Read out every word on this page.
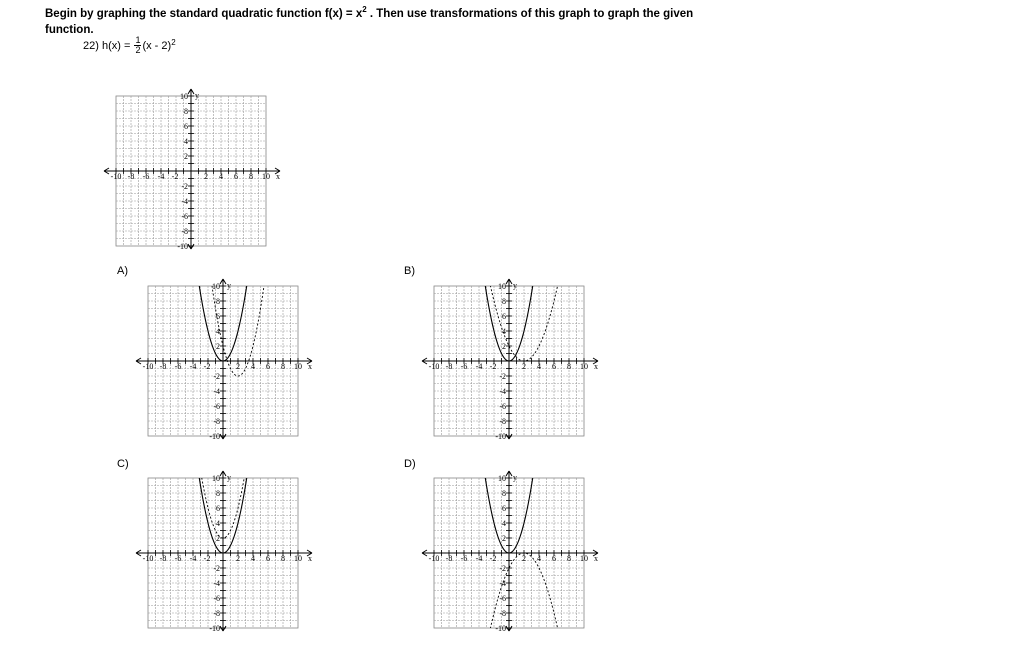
Begin by graphing the standard quadratic function $f(x) = x^2$ . Then use transformations of this graph to graph the given
function.
22) $h(x) = \frac{1}{2} (x - 2)^2$
-10 -8 -6 -4 -2	2 4 6 8 10
10
8
6
4
2
-2
-4
-6
-8
-10
x
y
A)
-10 -8 -6 -4 -2	2 4 6 8 10
10
8
6
4
2
-2
-4
-6
-8
-10
x
y
B)
-10 -8 -6 -4 -2	2 4 6 8 10
10
8
6
4
2
-2
-4
-6
-8
-10
x
y
C)
-10 -8 -6 -4 -2	2 4 6 8 10
10
8
6
4
2
-2
-4
-6
-8
-10
x
y
D)
-10 -8 -6 -4 -2	2 4 6 8 10
10
8
6
4
2
-2
-4
-6
-8
-10
x
y
